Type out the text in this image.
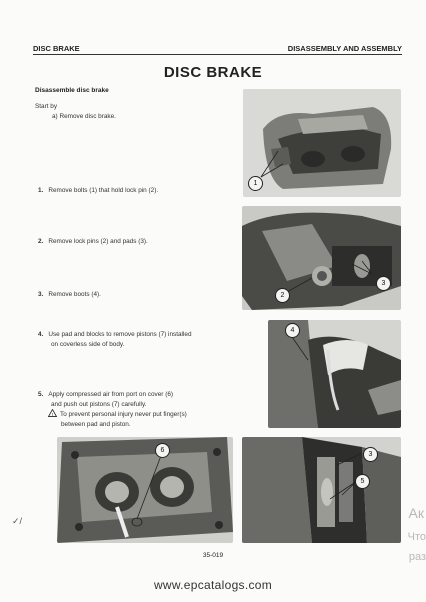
DISC BRAKE	DISASSEMBLY AND ASSEMBLY
DISC BRAKE
Disassemble disc brake
Start by
a) Remove disc brake.
1. Remove bolts (1) that hold lock pin (2).
2. Remove lock pins (2) and pads (3).
3. Remove boots (4).
4. Use pad and blocks to remove pistons (7) installed
on coverless side of body.
5. Apply compressed air from port on cover (6)
and push out pistons (7) carefully.
! To prevent personal injury never put finger(s)
between pad and piston.
1
2
3
4
6
3
5
✓/
35-019
www.epcatalogs.com
Ак
Что
раз
